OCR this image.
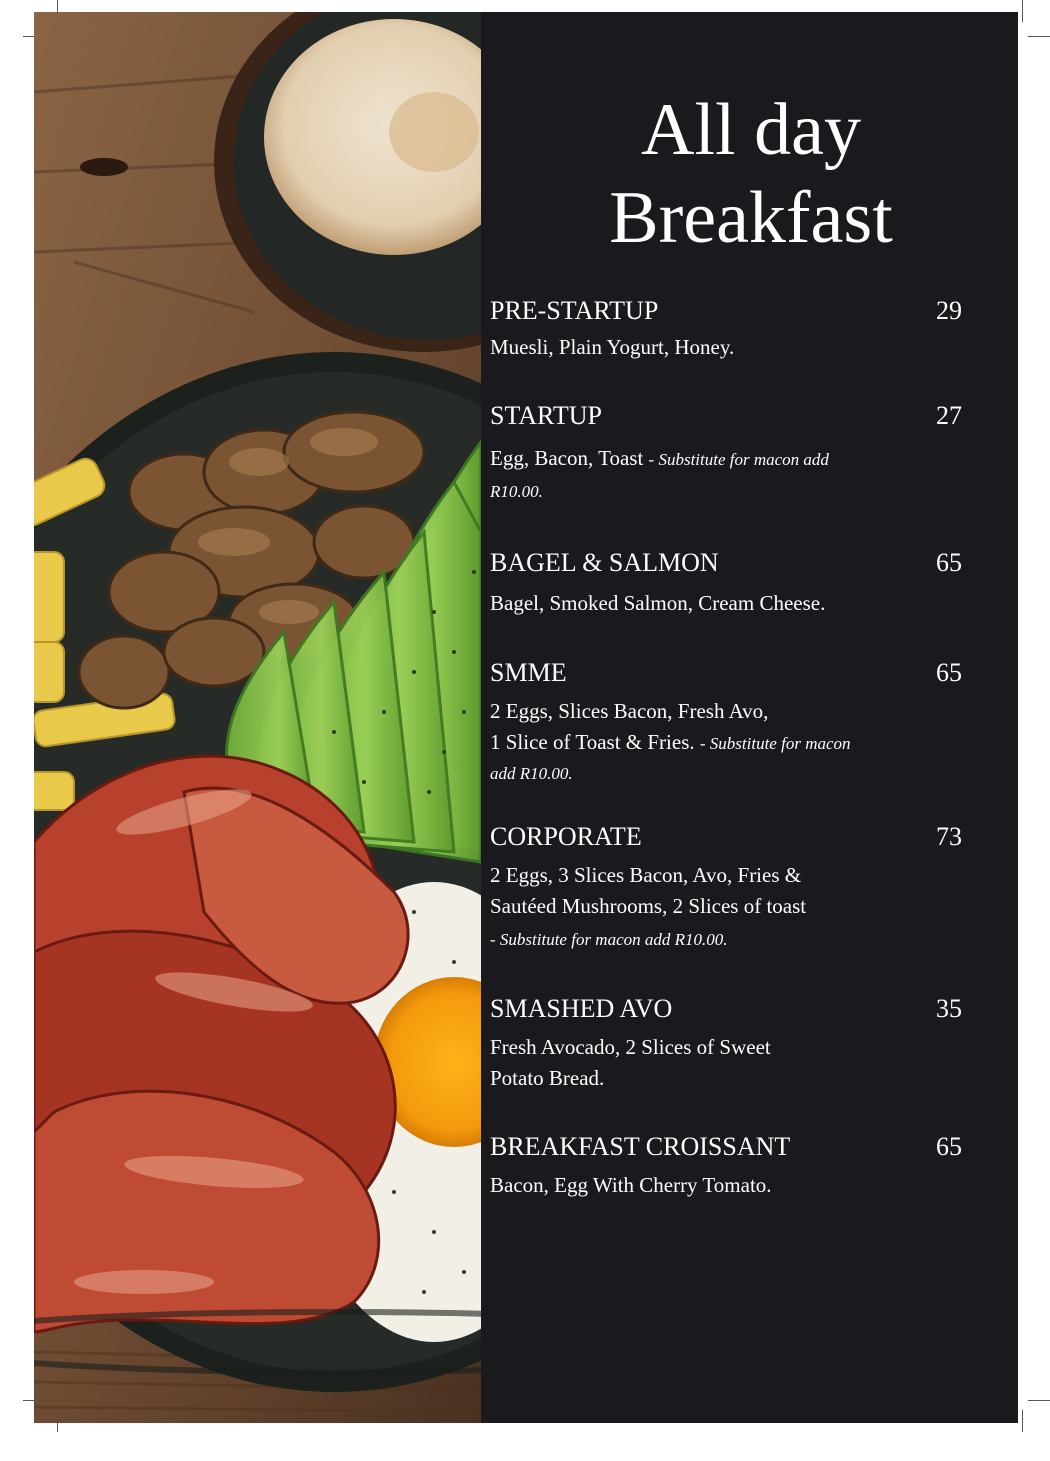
All day
Breakfast
PRE-STARTUP	29
Muesli, Plain Yogurt, Honey.
STARTUP	27
Egg, Bacon, Toast - Substitute for macon add
R10.00.
BAGEL & SALMON	65
Bagel, Smoked Salmon, Cream Cheese.
SMME	65
2 Eggs, Slices Bacon, Fresh Avo,
1 Slice of Toast & Fries. - Substitute for macon
add R10.00.
CORPORATE	73
2 Eggs, 3 Slices Bacon, Avo, Fries &
Sautéed Mushrooms, 2 Slices of toast
- Substitute for macon add R10.00.
SMASHED AVO	35
Fresh Avocado, 2 Slices of Sweet
Potato Bread.
BREAKFAST CROISSANT	65
Bacon, Egg With Cherry Tomato.
